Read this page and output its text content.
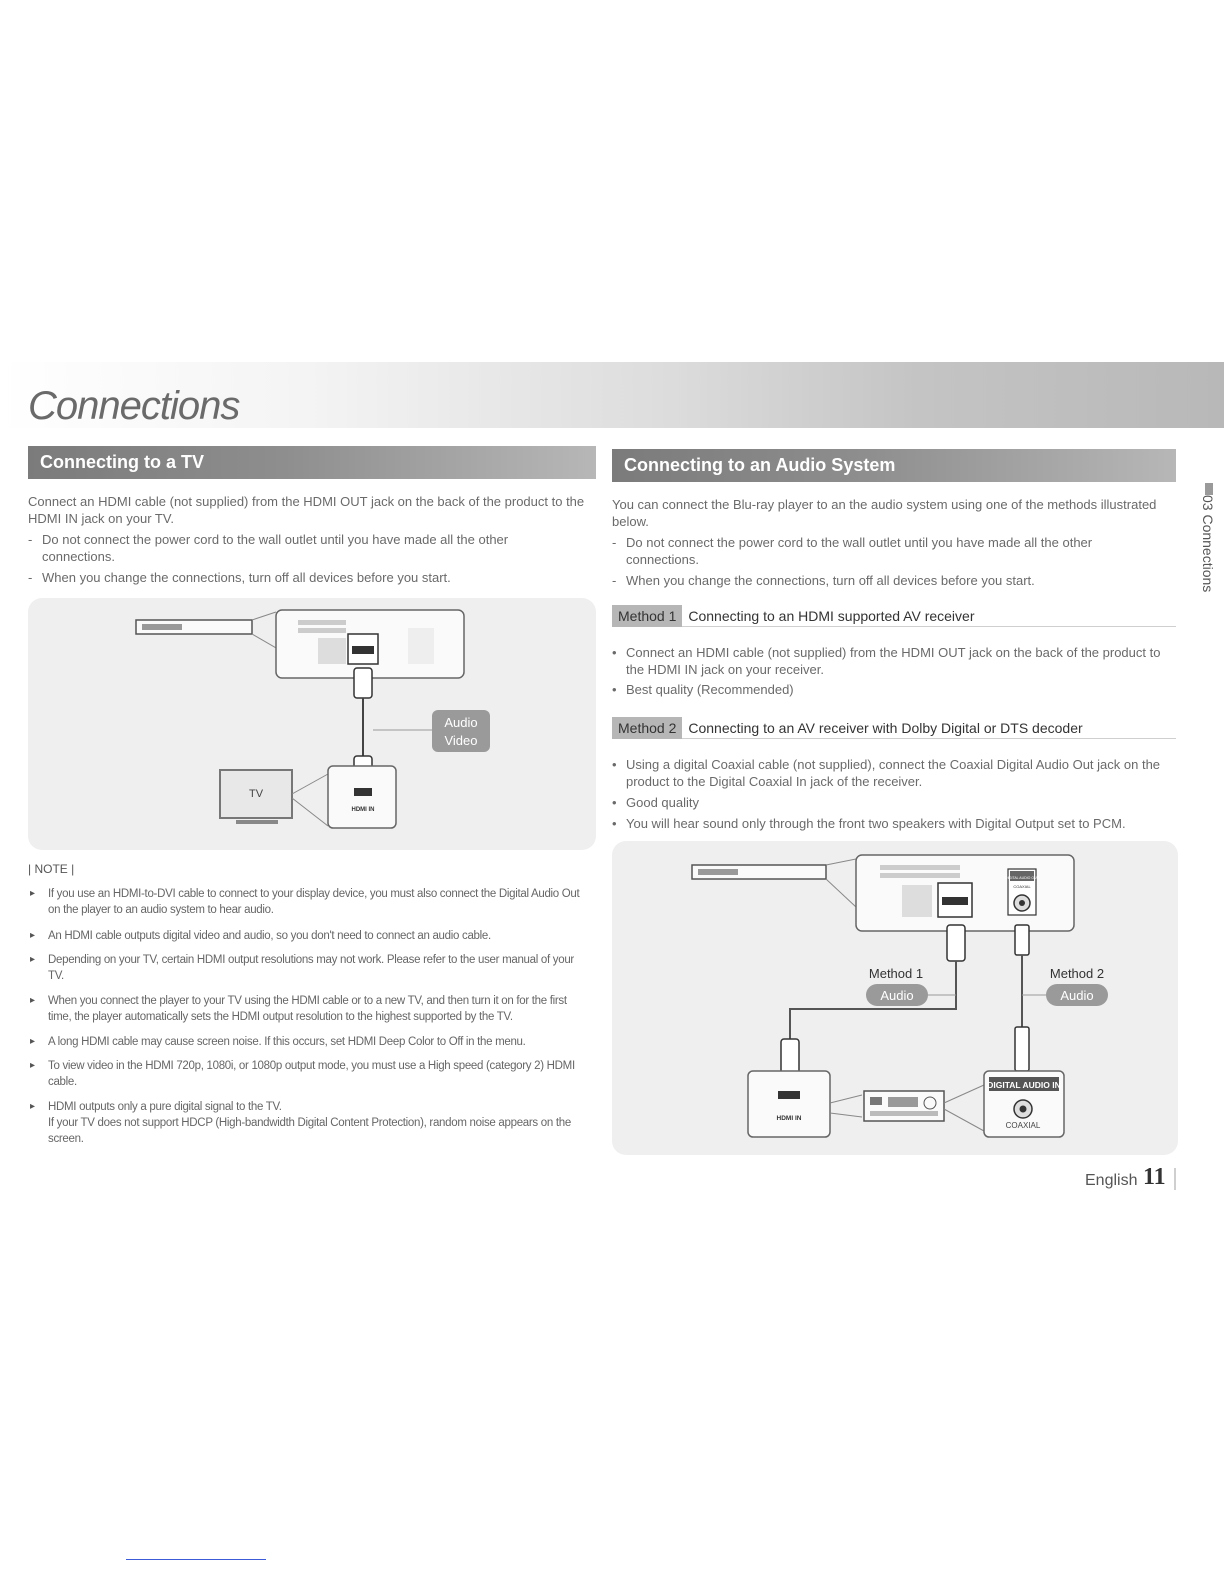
Connections
03 Connections
Connecting to a TV

Connect an HDMI cable (not supplied) from the HDMI OUT jack on the back of the product to the HDMI IN jack on your TV.

- Do not connect the power cord to the wall outlet until you have made all the other connections.

- When you change the connections, turn off all devices before you start.

Audio
Video
TV
HDMI IN
| NOTE |
▸ If you use an HDMI-to-DVI cable to connect to your display device, you must also connect the Digital Audio Out on the player to an audio system to hear audio.
▸ An HDMI cable outputs digital video and audio, so you don't need to connect an audio cable.
▸ Depending on your TV, certain HDMI output resolutions may not work. Please refer to the user manual of your TV.
▸ When you connect the player to your TV using the HDMI cable or to a new TV, and then turn it on for the first time, the player automatically sets the HDMI output resolution to the highest supported by the TV.
▸ A long HDMI cable may cause screen noise. If this occurs, set HDMI Deep Color to Off in the menu.
▸ To view video in the HDMI 720p, 1080i, or 1080p output mode, you must use a High speed (category 2) HDMI cable.
▸ HDMI outputs only a pure digital signal to the TV.
If your TV does not support HDCP (High-bandwidth Digital Content Protection), random noise appears on the screen.
Connecting to an Audio System

You can connect the Blu-ray player to an the audio system using one of the methods illustrated below.

- Do not connect the power cord to the wall outlet until you have made all the other connections.

- When you change the connections, turn off all devices before you start.

Method 1 Connecting to an HDMI supported AV receiver

• Connect an HDMI cable (not supplied) from the HDMI OUT jack on the back of the product to the HDMI IN jack on your receiver.

• Best quality (Recommended)

Method 2 Connecting to an AV receiver with Dolby Digital or DTS decoder

• Using a digital Coaxial cable (not supplied), connect the Coaxial Digital Audio Out jack on the product to the Digital Coaxial In jack of the receiver.

• Good quality

• You will hear sound only through the front two speakers with Digital Output set to PCM.

DIGITAL AUDIO OUT
COAXIAL
Method 1
Audio
Method 2
Audio
HDMI IN
DIGITAL AUDIO IN
COAXIAL
English 11
